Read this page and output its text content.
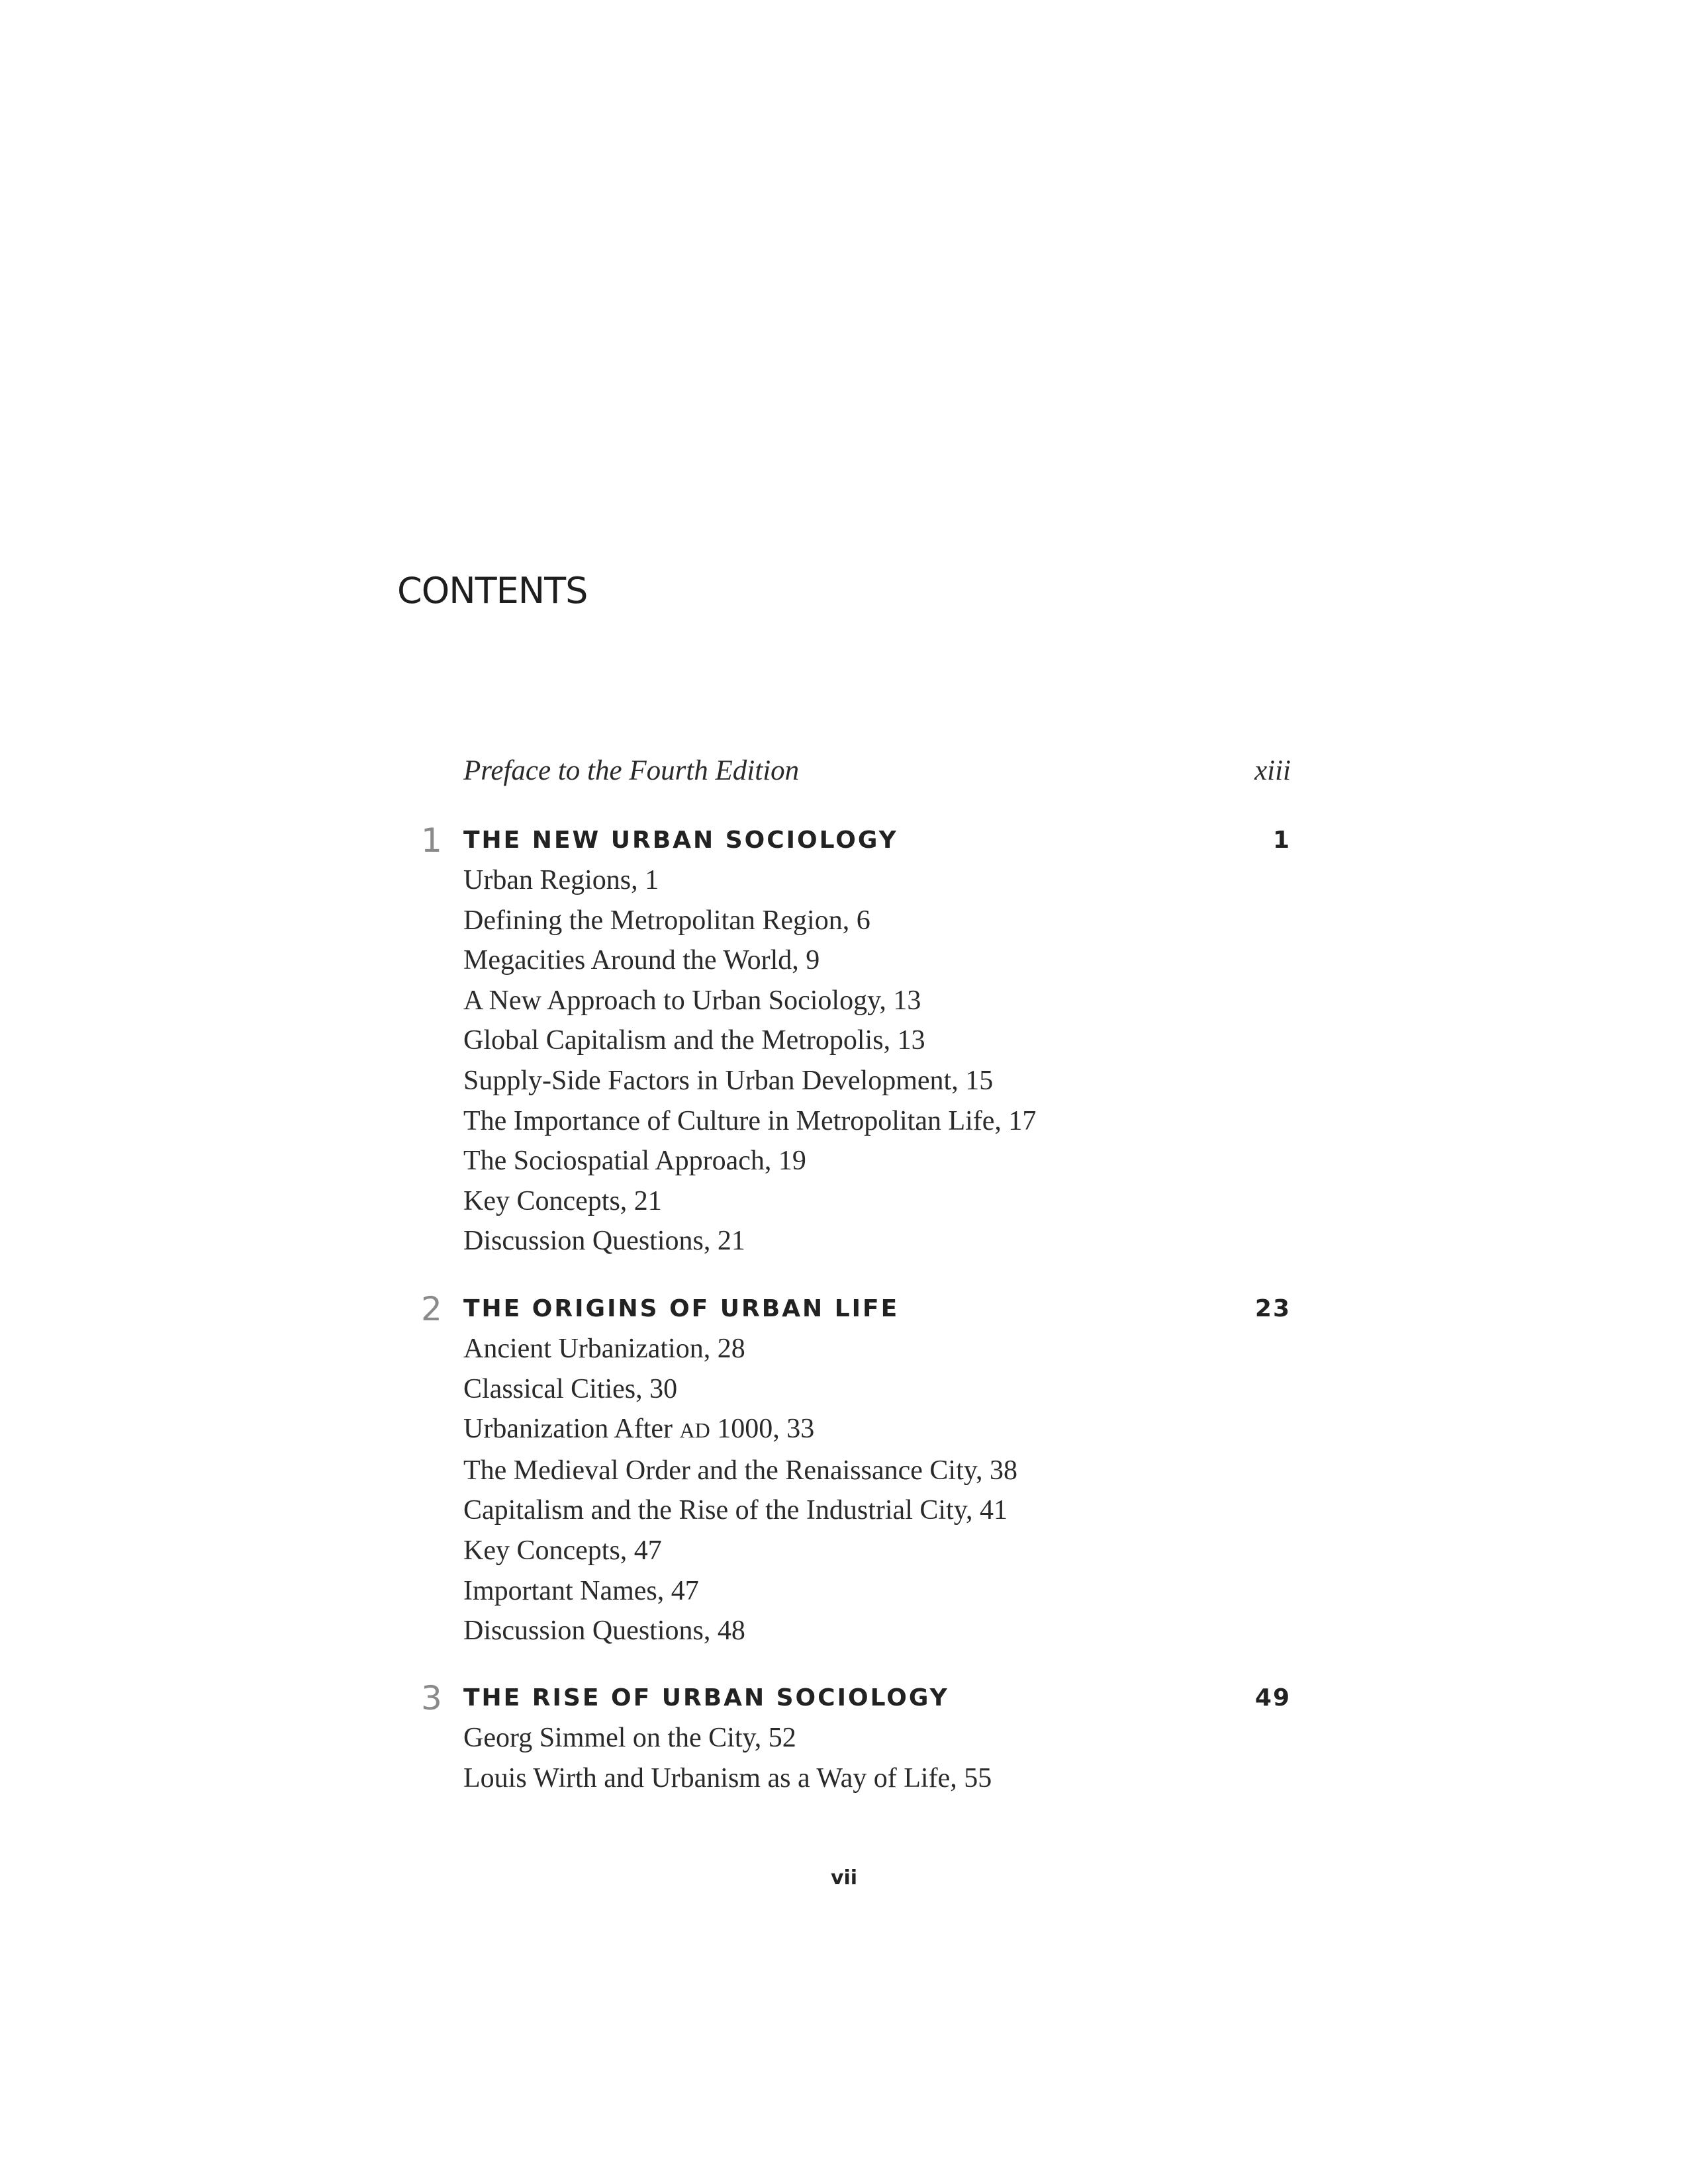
CONTENTS
Preface to the Fourth Edition	xiii
1 THE NEW URBAN SOCIOLOGY	1
Urban Regions, 1
Defining the Metropolitan Region, 6
Megacities Around the World, 9
A New Approach to Urban Sociology, 13
Global Capitalism and the Metropolis, 13
Supply-Side Factors in Urban Development, 15
The Importance of Culture in Metropolitan Life, 17
The Sociospatial Approach, 19
Key Concepts, 21
Discussion Questions, 21
2 THE ORIGINS OF URBAN LIFE	23
Ancient Urbanization, 28
Classical Cities, 30
Urbanization After AD 1000, 33
The Medieval Order and the Renaissance City, 38
Capitalism and the Rise of the Industrial City, 41
Key Concepts, 47
Important Names, 47
Discussion Questions, 48
3 THE RISE OF URBAN SOCIOLOGY	49
Georg Simmel on the City, 52
Louis Wirth and Urbanism as a Way of Life, 55
vii
